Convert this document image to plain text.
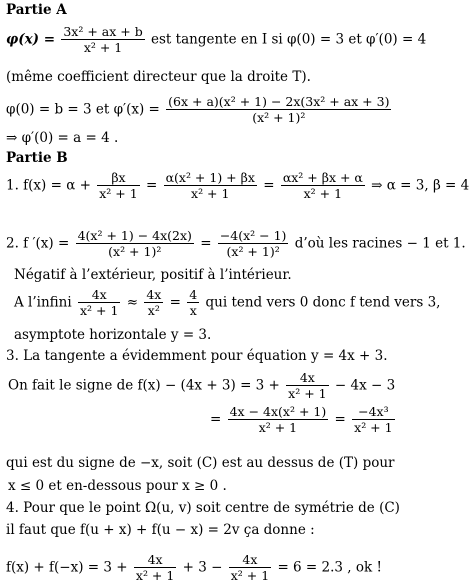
Partie A
$\varphi(x) = \frac{\text{3x² + ax + b}}{\text{x² + 1}}$ est tangente en I si φ(0) = 3 et φ′(0) = 4
(même coefficient directeur que la droite T).
φ(0) = b = 3 et $\varphi'(x) = \frac{\text{(6x + a)(x² + 1) − 2x(3x² + ax + 3)}}{\text{(x² + 1)²}}$
⇒ φ′(0) = a = 4 .
Partie B
1. $f(x) = \alpha + \frac{\beta x}{\text{x² + 1}} = \frac{\text{α(x² + 1) + βx}}{\text{x² + 1}} = \frac{\text{αx² + βx + α}}{\text{x² + 1}}$ ⇒ α = 3, β = 4
2. f $'(x) = \frac{\text{4(x² + 1) − 4x(2x)}}{\text{(x² + 1)²}} = \frac{\text{−4(x² − 1)}}{\text{(x² + 1)²}}$ d’où les racines − 1 et 1.
Négatif à l’extérieur, positif à l’intérieur.
A l’infini $\frac{4x}{\text{x² + 1}} \approx \frac{4x}{\text{x²}} = \frac{4}{x}$ qui tend vers 0 donc f tend vers 3,
asymptote horizontale y = 3.
3. La tangente a évidemment pour équation y = 4x + 3.
On fait le signe de $f(x) - (4x + 3) = 3 + \frac{4x}{\text{x² + 1}} - 4x - 3$
= $\frac{\text{4x − 4x(x² + 1)}}{\text{x² + 1}} = \frac{\text{−4x³}}{\text{x² + 1}}$
qui est du signe de −x, soit (C) est au dessus de (T) pour
x ≤ 0 et en-dessous pour x ≥ 0 .
4. Pour que le point Ω(u, v) soit centre de symétrie de (C)
il faut que f(u + x) + f(u − x) = 2v ça donne :
$f(x) + f(-x) = 3 + \frac{4x}{\text{x² + 1}} + 3 - \frac{4x}{\text{x² + 1}} = 6 = 2.3$ , ok !
